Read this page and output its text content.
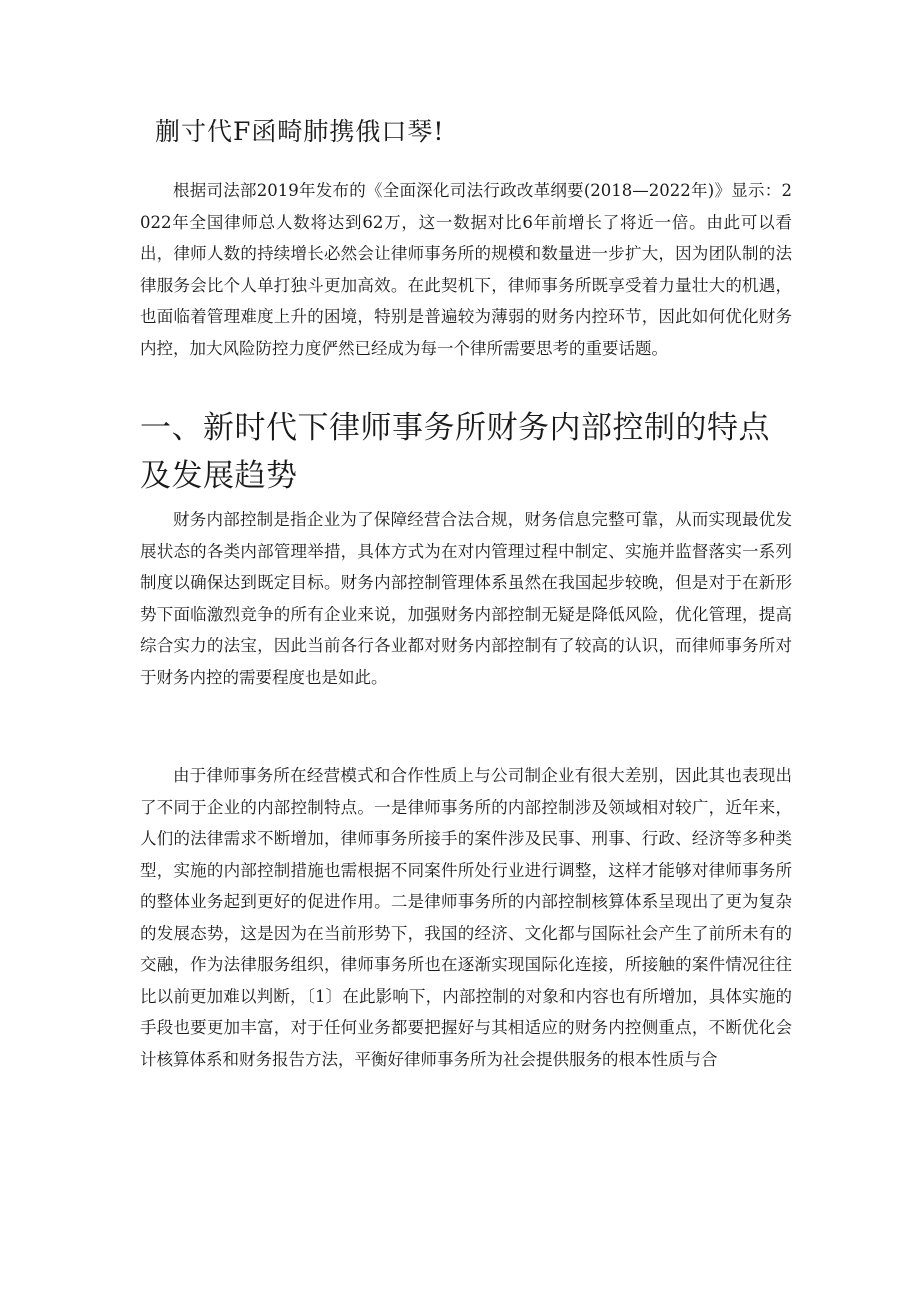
蒯寸代F函畸肺携俄口琴!

根据司法部2019年发布的《全面深化司法行政改革纲要(2018—2022年)》显示：2022年全国律师总人数将达到62万，这一数据对比6年前增长了将近一倍。由此可以看出，律师人数的持续增长必然会让律师事务所的规模和数量进一步扩大，因为团队制的法律服务会比个人单打独斗更加高效。在此契机下，律师事务所既享受着力量壮大的机遇，也面临着管理难度上升的困境，特别是普遍较为薄弱的财务内控环节，因此如何优化财务内控，加大风险防控力度俨然已经成为每一个律所需要思考的重要话题。

一、新时代下律师事务所财务内部控制的特点及发展趋势

财务内部控制是指企业为了保障经营合法合规，财务信息完整可靠，从而实现最优发展状态的各类内部管理举措，具体方式为在对内管理过程中制定、实施并监督落实一系列制度以确保达到既定目标。财务内部控制管理体系虽然在我国起步较晚，但是对于在新形势下面临激烈竞争的所有企业来说，加强财务内部控制无疑是降低风险，优化管理，提高综合实力的法宝，因此当前各行各业都对财务内部控制有了较高的认识，而律师事务所对于财务内控的需要程度也是如此。

由于律师事务所在经营模式和合作性质上与公司制企业有很大差别，因此其也表现出了不同于企业的内部控制特点。一是律师事务所的内部控制涉及领域相对较广，近年来，人们的法律需求不断增加，律师事务所接手的案件涉及民事、刑事、行政、经济等多种类型，实施的内部控制措施也需根据不同案件所处行业进行调整，这样才能够对律师事务所的整体业务起到更好的促进作用。二是律师事务所的内部控制核算体系呈现出了更为复杂的发展态势，这是因为在当前形势下，我国的经济、文化都与国际社会产生了前所未有的交融，作为法律服务组织，律师事务所也在逐渐实现国际化连接，所接触的案件情况往往比以前更加难以判断，〔1〕在此影响下，内部控制的对象和内容也有所增加，具体实施的手段也要更加丰富，对于任何业务都要把握好与其相适应的财务内控侧重点，不断优化会计核算体系和财务报告方法，平衡好律师事务所为社会提供服务的根本性质与合
